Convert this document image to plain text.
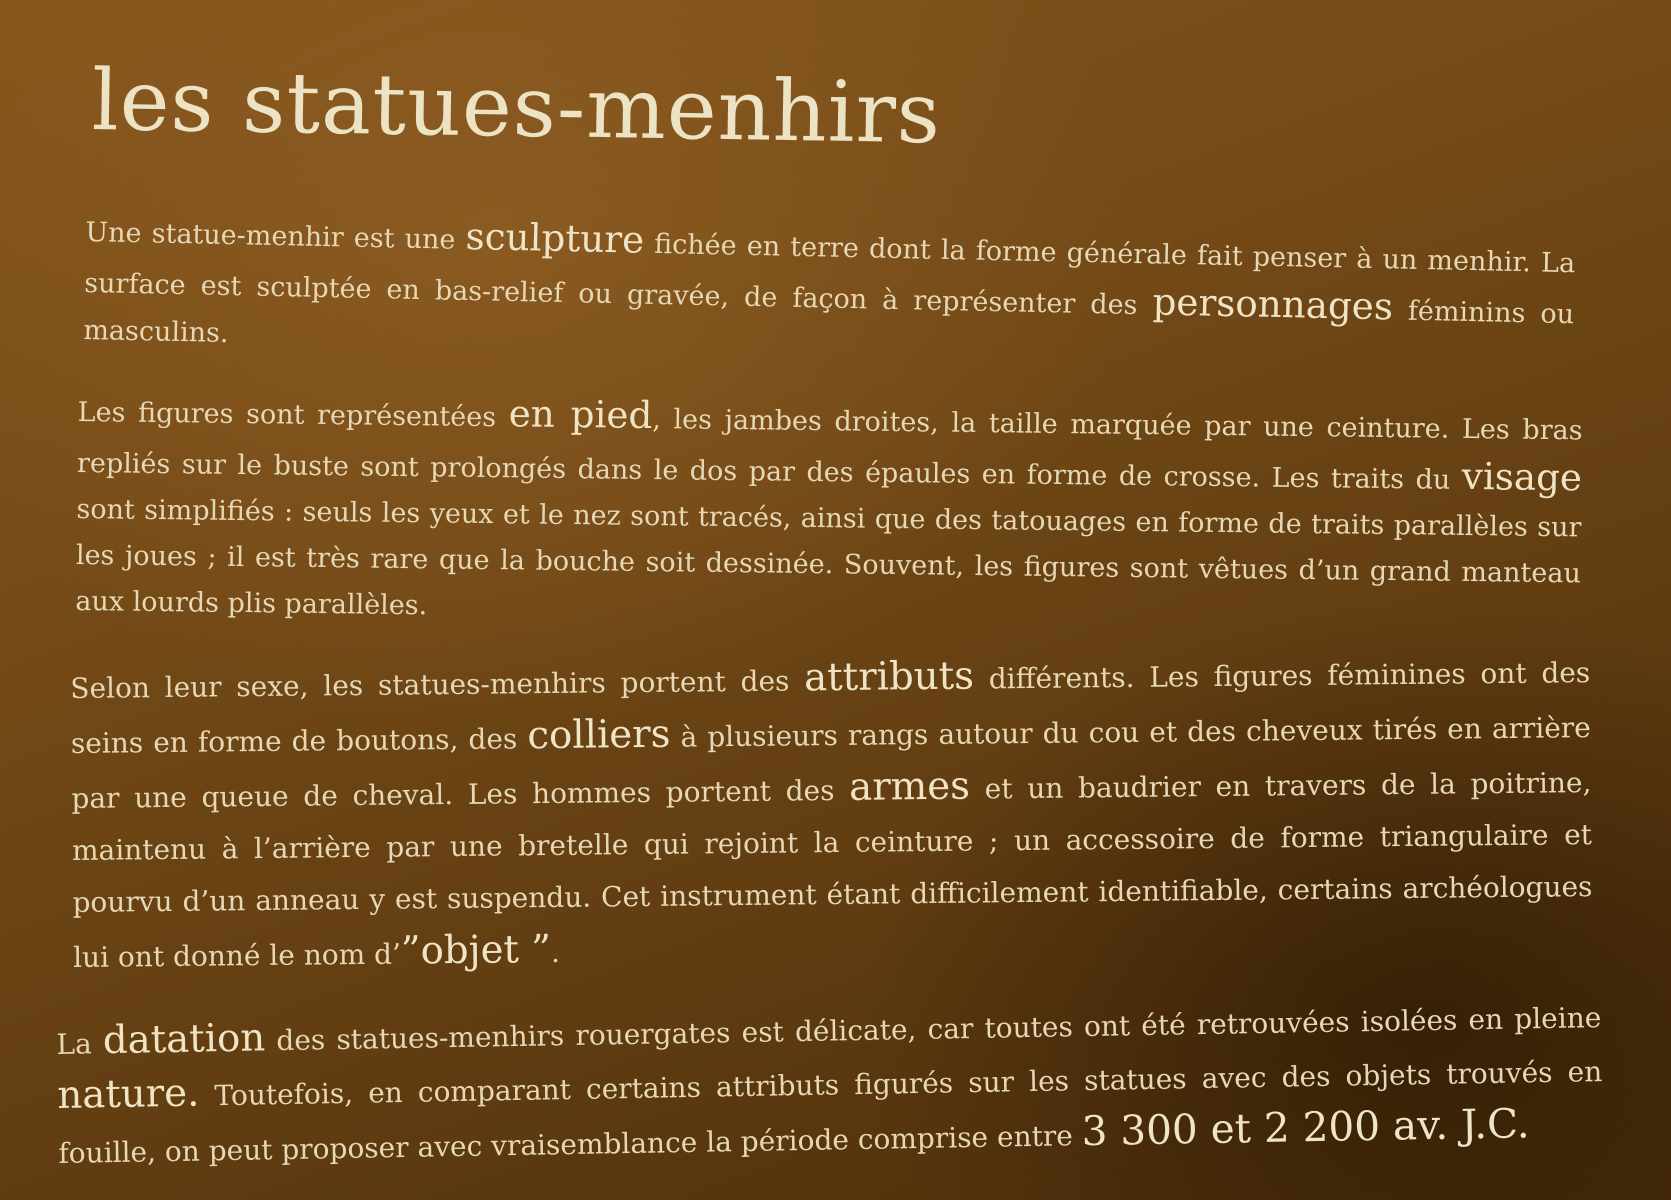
les statues-menhirs

Une statue-menhir est une sculpture fichée en terre dont la forme générale fait penser à un menhir. La surface est sculptée en bas-relief ou gravée, de façon à représenter des personnages féminins ou masculins.

Les figures sont représentées en pied, les jambes droites, la taille marquée par une ceinture. Les bras repliés sur le buste sont prolongés dans le dos par des épaules en forme de crosse. Les traits du visage sont simplifiés : seuls les yeux et le nez sont tracés, ainsi que des tatouages en forme de traits parallèles sur les joues ; il est très rare que la bouche soit dessinée. Souvent, les figures sont vêtues d’un grand manteau aux lourds plis parallèles.

Selon leur sexe, les statues-menhirs portent des attributs différents. Les figures féminines ont des seins en forme de boutons, des colliers à plusieurs rangs autour du cou et des cheveux tirés en arrière par une queue de cheval. Les hommes portent des armes et un baudrier en travers de la poitrine, maintenu à l’arrière par une bretelle qui rejoint la ceinture ; un accessoire de forme triangulaire et pourvu d’un anneau y est suspendu. Cet instrument étant difficilement identifiable, certains archéologues lui ont donné le nom d’”objet ”.

La datation des statues-menhirs rouergates est délicate, car toutes ont été retrouvées isolées en pleine nature. Toutefois, en comparant certains attributs figurés sur les statues avec des objets trouvés en fouille, on peut proposer avec vraisemblance la période comprise entre 3 300 et 2 200 av. J.C.
